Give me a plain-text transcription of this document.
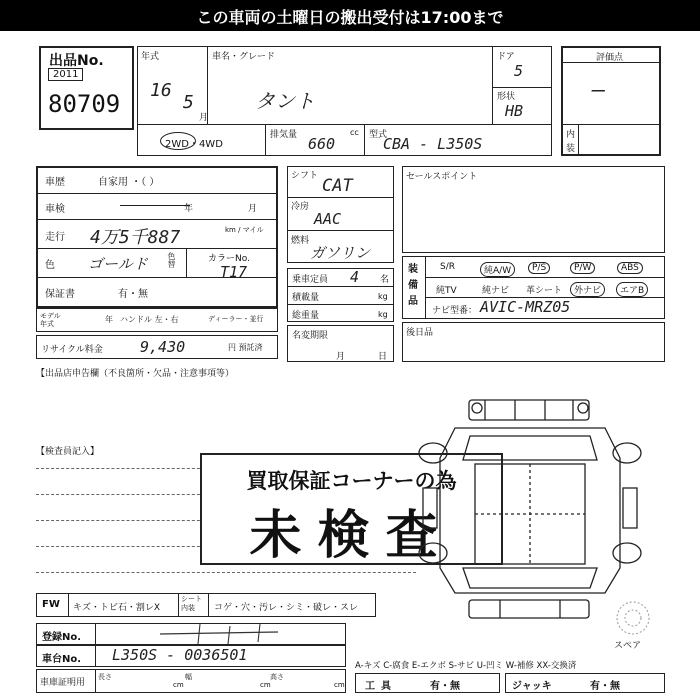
この車両の土曜日の搬出受付は17:00まで
出品No.
2011
80709
年式
16
5
月
車名・グレード
タント
ドア
5
形状
HB
2WD・4WD
排気量 660
cc 型式
CBA - L350S
評価点
—
内
装
車歴	自家用 ・（ ）
車検	年	月
走行 4万5千887	km / マイル
色 ゴールド 色替	カラーNo.
T17
保証書	有・無
モデル年式	年 ハンドル 左・右	ディーラー・並行
リサイクル料金 9,430	円 預託済
シフト CAT
冷房
AAC
燃料
ガソリン
乗車定員 4 名
積載量	kg
総重量	kg
名変期限
月	日
セールスポイント
装備品
S/R	純A/W	P/S	P/W	ABS
純TV	純ナビ 革シート	外ナビ	エアB
ナビ型番： AVIC-MRZ05
後日品
【出品店申告欄（不良箇所・欠品・注意事項等）
【検査員記入】
買取保証コーナーの為
未検査
スペア
FW キズ・トビ石・割レX
シート内装	コゲ・穴・汚レ・シミ・破レ・スレ
登録No.
車台No. L350S - 0036501
車庫証明用
長さ
cm
幅
cm
高さ
cm
A-キズ C-腐食 E-エクボ S-サビ U-凹ミ W-補修 XX-交換済
工具	有・無	ジャッキ	有・無
